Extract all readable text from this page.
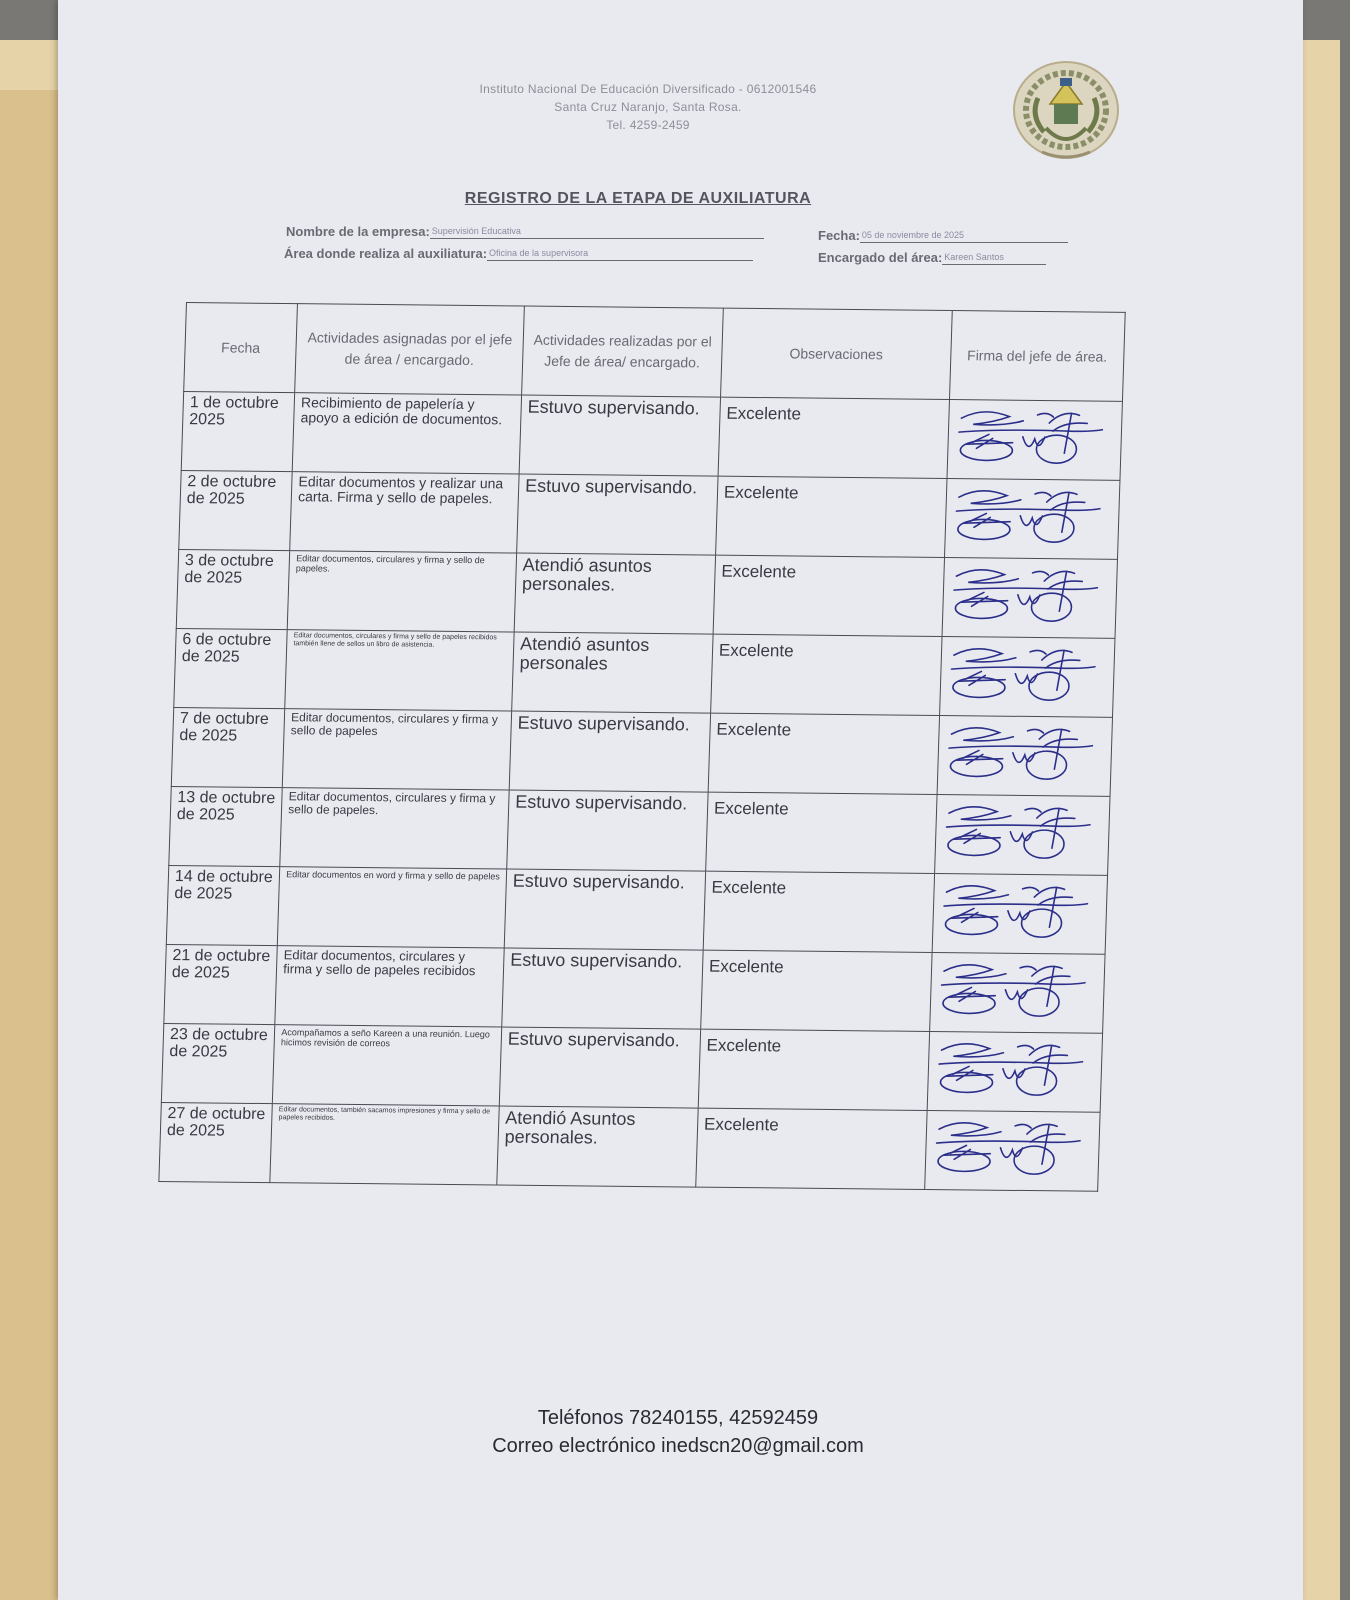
Instituto Nacional De Educación Diversificado - 0612001546
Santa Cruz Naranjo, Santa Rosa.
Tel. 4259-2459
REGISTRO DE LA ETAPA DE AUXILIATURA
Nombre de la empresa: Supervisión Educativa
Área donde realiza al auxiliatura: Oficina de la supervisora
Fecha: 05 de noviembre de 2025
Encargado del área: Kareen Santos
Fecha	Actividades asignadas por el jefe de área / encargado.	Actividades realizadas por el Jefe de área/ encargado.	Observaciones	Firma del jefe de área.
1 de octubre 2025	Recibimiento de papelería y apoyo a edición de documentos.	Estuvo supervisando.	Excelente	

2 de octubre de 2025	Editar documentos y realizar una carta. Firma y sello de papeles.	Estuvo supervisando.	Excelente	

3 de octubre de 2025	Editar documentos, circulares y firma y sello de papeles.	Atendió asuntos personales.	Excelente	

6 de octubre de 2025	Editar documentos, circulares y firma y sello de papeles recibidos también llene de sellos un libro de asistencia.	Atendió asuntos personales	Excelente	

7 de octubre de 2025	Editar documentos, circulares y firma y sello de papeles	Estuvo supervisando.	Excelente	

13 de octubre de 2025	Editar documentos, circulares y firma y sello de papeles.	Estuvo supervisando.	Excelente	

14 de octubre de 2025	Editar documentos en word y firma y sello de papeles	Estuvo supervisando.	Excelente	

21 de octubre de 2025	Editar documentos, circulares y firma y sello de papeles recibidos	Estuvo supervisando.	Excelente	

23 de octubre de 2025	Acompañamos a seño Kareen a una reunión. Luego hicimos revisión de correos	Estuvo supervisando.	Excelente	

27 de octubre de 2025	Editar documentos, también sacamos impresiones y firma y sello de papeles recibidos.	Atendió Asuntos personales.	Excelente	
Teléfonos 78240155, 42592459
Correo electrónico inedscn20@gmail.com
